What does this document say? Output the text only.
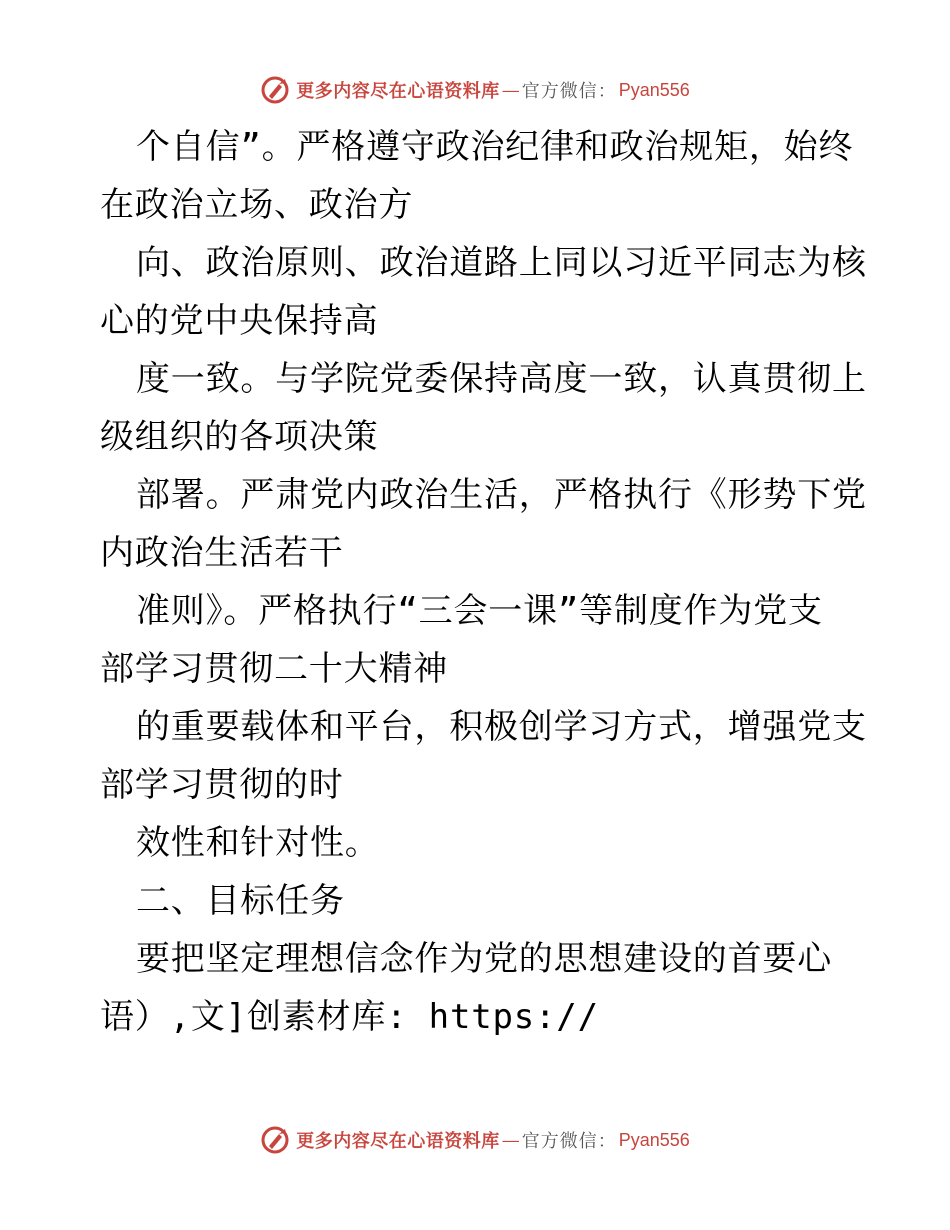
更多内容尽在心语资料库 — 官方微信： Pyan556
个自信”。严格遵守政治纪律和政治规矩，始终
在政治立场、政治方
向、政治原则、政治道路上同以习近平同志为核
心的党中央保持高
度一致。与学院党委保持高度一致，认真贯彻上
级组织的各项决策
部署。严肃党内政治生活，严格执行《形势下党
内政治生活若干
准则》。严格执行“三会一课”等制度作为党支
部学习贯彻二十大精神
的重要载体和平台，积极创学习方式，增强党支
部学习贯彻的时
效性和针对性。
二、目标任务
要把坚定理想信念作为党的思想建设的首要心
语）,文]创素材库: https://
更多内容尽在心语资料库 — 官方微信： Pyan556
